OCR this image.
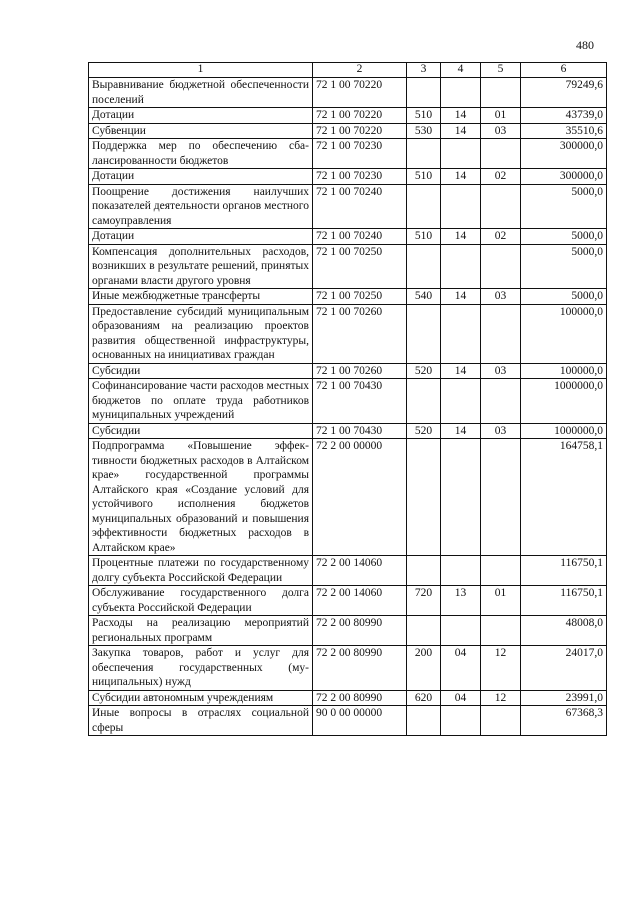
480
1	2	3	4	5	6
Выравнивание бюджетной обеспеченности поселений	72 1 00 70220				79249,6
Дотации	72 1 00 70220	510	14	01	43739,0
Субвенции	72 1 00 70220	530	14	03	35510,6
Поддержка мер по обеспечению сбалансированности бюджетов	72 1 00 70230				300000,0
Дотации	72 1 00 70230	510	14	02	300000,0
Поощрение достижения наилучших показателей деятельности органов местного самоуправления	72 1 00 70240				5000,0
Дотации	72 1 00 70240	510	14	02	5000,0
Компенсация дополнительных расходов, возникших в результате решений, принятых органами власти другого уровня	72 1 00 70250				5000,0
Иные межбюджетные трансферты	72 1 00 70250	540	14	03	5000,0
Предоставление субсидий муниципальным образованиям на реализацию проектов развития общественной инфраструктуры, основанных на инициативах граждан	72 1 00 70260				100000,0
Субсидии	72 1 00 70260	520	14	03	100000,0
Софинансирование части расходов местных бюджетов по оплате труда работников муниципальных учреждений	72 1 00 70430				1000000,0
Субсидии	72 1 00 70430	520	14	03	1000000,0
Подпрограмма «Повышение эффективности бюджетных расходов в Алтайском крае» государственной программы Алтайского края «Создание условий для устойчивого исполнения бюджетов муниципальных образований и повышения эффективности бюджетных расходов в Алтайском крае»	72 2 00 00000				164758,1
Процентные платежи по государственному долгу субъекта Российской Федерации	72 2 00 14060				116750,1
Обслуживание государственного долга субъекта Российской Федерации	72 2 00 14060	720	13	01	116750,1
Расходы на реализацию мероприятий региональных программ	72 2 00 80990				48008,0
Закупка товаров, работ и услуг для обеспечения государственных (муниципальных) нужд	72 2 00 80990	200	04	12	24017,0
Субсидии автономным учреждениям	72 2 00 80990	620	04	12	23991,0
Иные вопросы в отраслях социальной сферы	90 0 00 00000				67368,3
